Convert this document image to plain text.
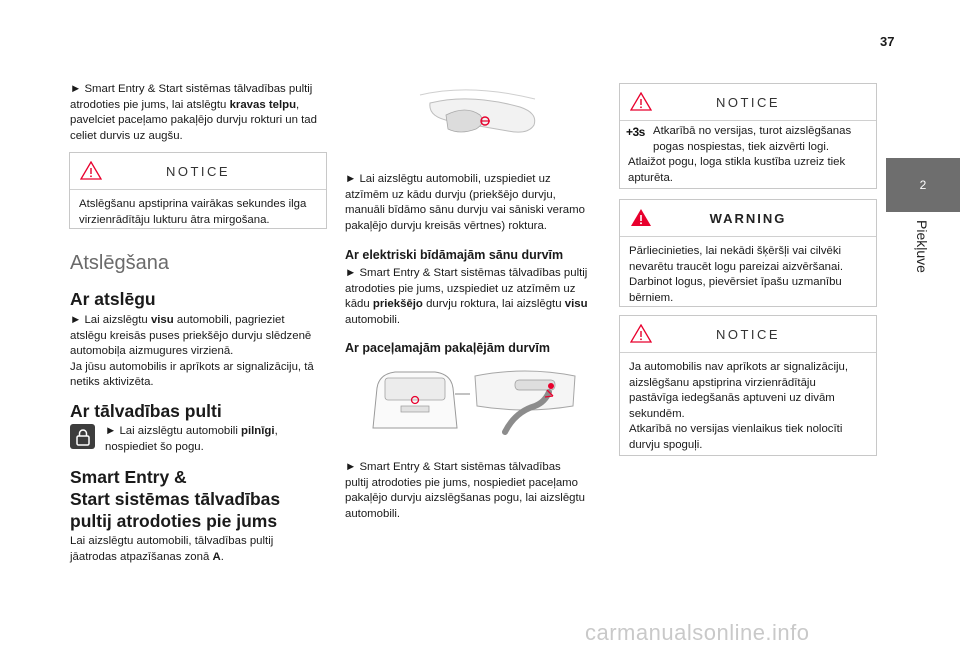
37
2
Piekļuve
► Smart Entry & Start sistēmas tālvadības pultij
atrodoties pie jums, lai atslēgtu kravas telpu,
pavelciet paceļamo pakaļējo durvju rokturi un tad
celiet durvis uz augšu.
NOTICE
Atslēgšanu apstiprina vairākas sekundes ilga
virzienrādītāju lukturu ātra mirgošana.
Atslēgšana
Ar atslēgu
► Lai aizslēgtu visu automobili, pagrieziet
atslēgu kreisās puses priekšējo durvju slēdzenē
automobiļa aizmugures virzienā.
Ja jūsu automobilis ir aprīkots ar signalizāciju, tā
netiks aktivizēta.
Ar tālvadības pulti
► Lai aizslēgtu automobili pilnīgi,
nospiediet šo pogu.
Smart Entry &
Start sistēmas tālvadības
pultij atrodoties pie jums
Lai aizslēgtu automobili, tālvadības pultij
jāatrodas atpazīšanas zonā A.
► Lai aizslēgtu automobili, uzspiediet uz
atzīmēm uz kādu durvju (priekšējo durvju,
manuāli bīdāmo sānu durvju vai sāniski veramo
pakaļējo durvju kreisās vērtnes) roktura.
Ar elektriski bīdāmajām sānu durvīm
► Smart Entry & Start sistēmas tālvadības pultij
atrodoties pie jums, uzspiediet uz atzīmēm uz
kādu priekšējo durvju roktura, lai aizslēgtu visu
automobili.
Ar paceļamajām pakaļējām durvīm
► Smart Entry & Start sistēmas tālvadības
pultij atrodoties pie jums, nospiediet paceļamo
pakaļējo durvju aizslēgšanas pogu, lai aizslēgtu
automobili.
NOTICE
+3s Atkarībā no versijas, turot aizslēgšanas
pogas nospiestas, tiek aizvērti logi.
Atlaižot pogu, loga stikla kustība uzreiz tiek
apturēta.
WARNING
Pārliecinieties, lai nekādi šķēršļi vai cilvēki
nevarētu traucēt logu pareizai aizvēršanai.
Darbinot logus, pievērsiet īpašu uzmanību
bērniem.
NOTICE
Ja automobilis nav aprīkots ar signalizāciju,
aizslēgšanu apstiprina virzienrādītāju
pastāvīga iedegšanās aptuveni uz divām
sekundēm.
Atkarībā no versijas vienlaikus tiek nolocīti
durvju spoguļi.
carmanualsonline.info
